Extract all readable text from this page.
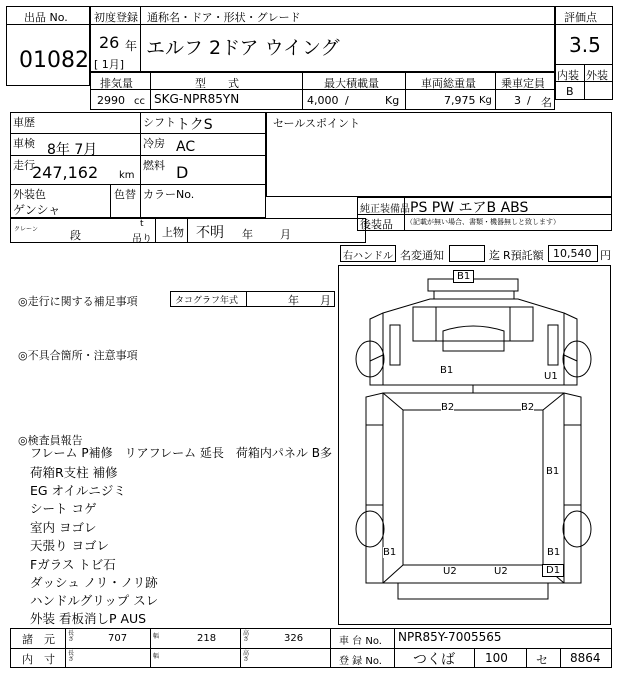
出品 No.
01082
初度登録 通称名・ドア・形状・グレード
26 年
[ 1月]
エルフ 2ドア ウイング
評価点
3.5
内装 外装
B
排気量	型　　式	最大積載量	車両総重量 乗車定員
2990 cc SKG-NPR85YN	4,000 /	Kg	7,975 Kg 3 / 名
車歴	シフト トクS
車検 8年 7月	冷房 AC
走行
247,162 km
燃料 D
外装色
ゲンシャ
色替 カラーNo.
クレーン	段
t
吊り
上物 不明 年 月
セールスポイント
純正装備品 PS PW エアB ABS
後装品 （記載が無い場合、書類・機器無しと致します）
右ハンドル 名変通知	迄 R預託額 10,540 円
◎走行に関する補足事項	タコグラフ年式	年 月
◎不具合箇所・注意事項
◎検査員報告
フレーム P補修　リアフレーム 延長　荷箱内パネル B多
荷箱R支柱 補修
EG オイルニジミ
シート コゲ
室内 ヨゴレ
天張り ヨゴレ
Fガラス トビ石
ダッシュ ノリ・ノリ跡
ハンドルグリップ スレ
外装 看板消しP AUS
B1
B1
U1
B2	B2
B1
B1	B1
U2	U2	D1
諸　元 長さ	707	幅	218	高さ	326
内　寸 長さ	幅	高さ
車 台 No. NPR85Y-7005565
登 録 No. つくば	100 セ 8864
